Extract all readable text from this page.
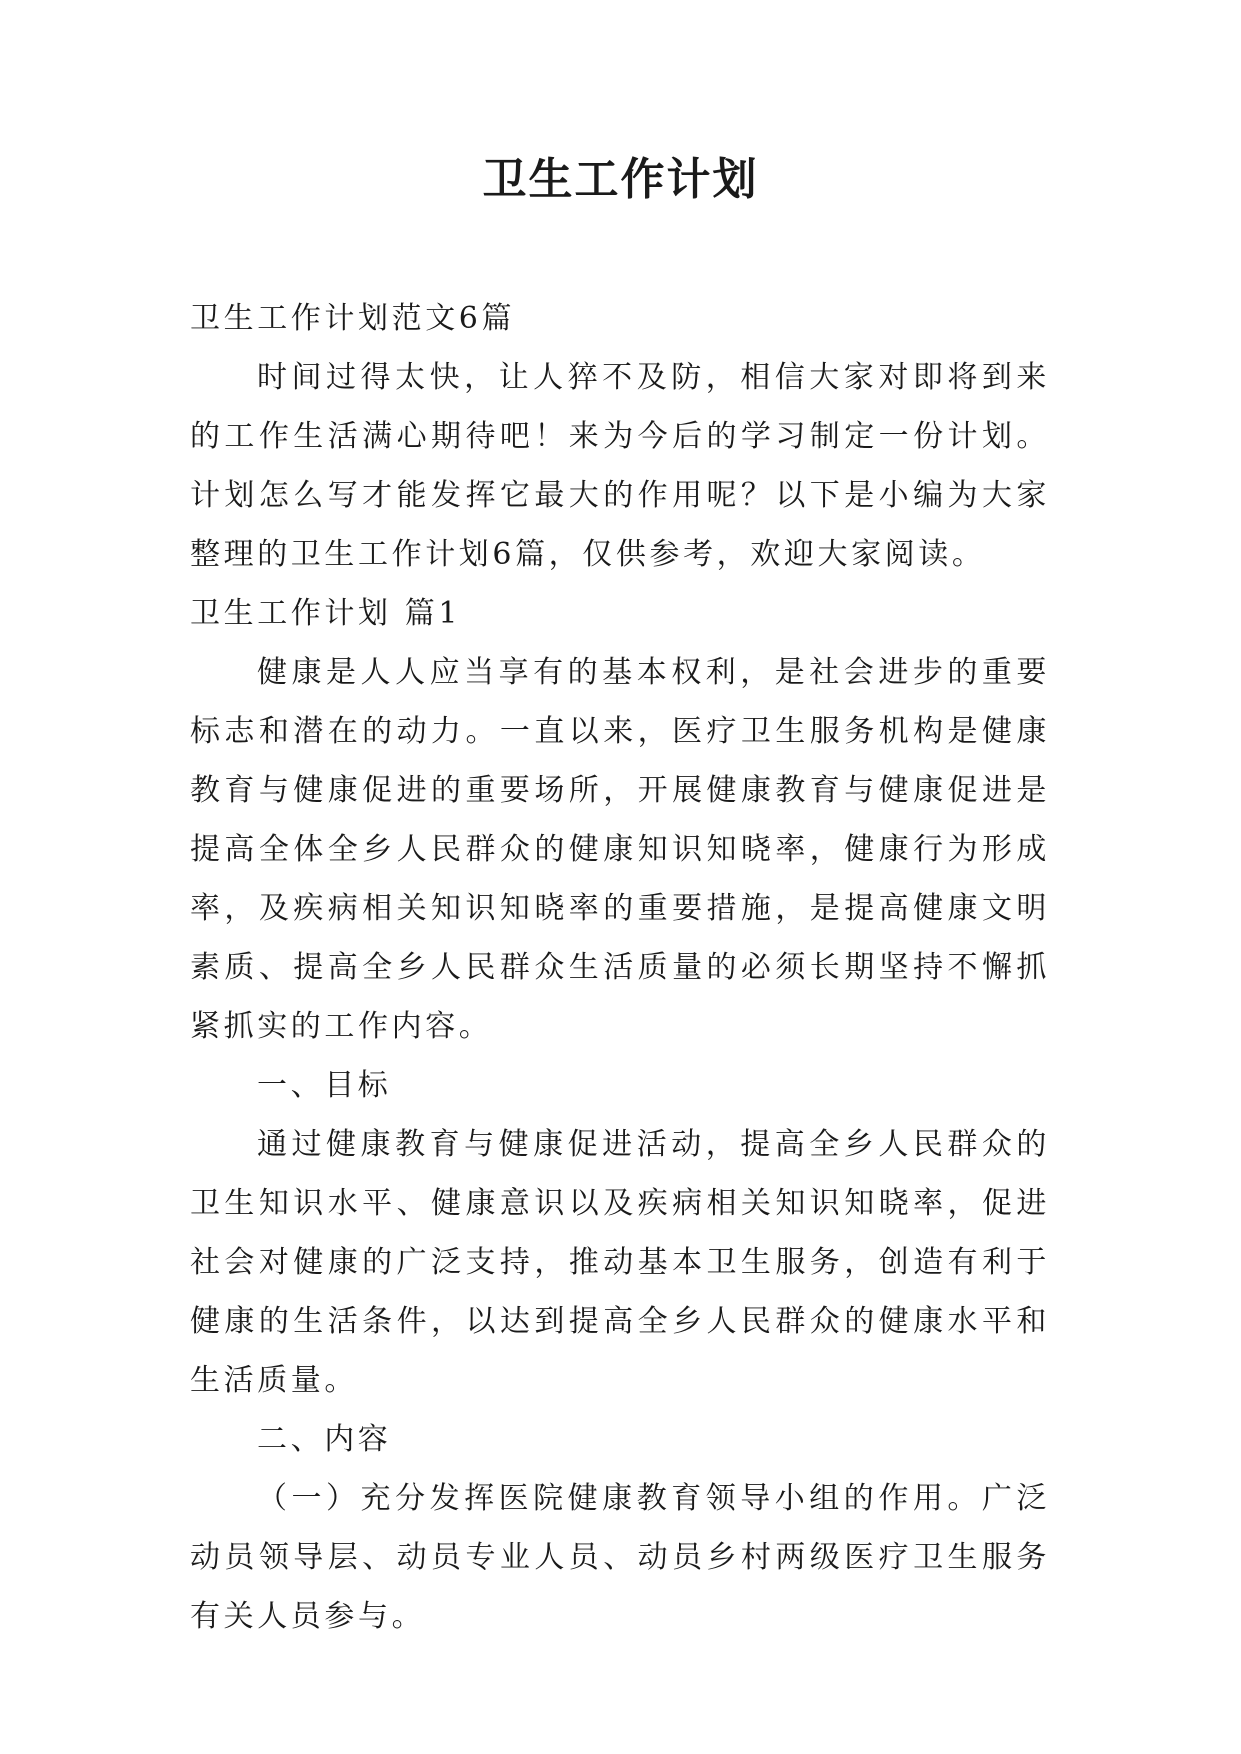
卫生工作计划

卫生工作计划范文6篇

时间过得太快，让人猝不及防，相信大家对即将到来的工作生活满心期待吧！来为今后的学习制定一份计划。计划怎么写才能发挥它最大的作用呢？以下是小编为大家整理的卫生工作计划6篇，仅供参考，欢迎大家阅读。

卫生工作计划 篇1

健康是人人应当享有的基本权利，是社会进步的重要标志和潜在的动力。一直以来，医疗卫生服务机构是健康教育与健康促进的重要场所，开展健康教育与健康促进是提高全体全乡人民群众的健康知识知晓率，健康行为形成率，及疾病相关知识知晓率的重要措施，是提高健康文明素质、提高全乡人民群众生活质量的必须长期坚持不懈抓紧抓实的工作内容。

一、目标

通过健康教育与健康促进活动，提高全乡人民群众的卫生知识水平、健康意识以及疾病相关知识知晓率，促进社会对健康的广泛支持，推动基本卫生服务，创造有利于健康的生活条件，以达到提高全乡人民群众的健康水平和生活质量。

二、内容

（一）充分发挥医院健康教育领导小组的作用。广泛动员领导层、动员专业人员、动员乡村两级医疗卫生服务有关人员参与。
